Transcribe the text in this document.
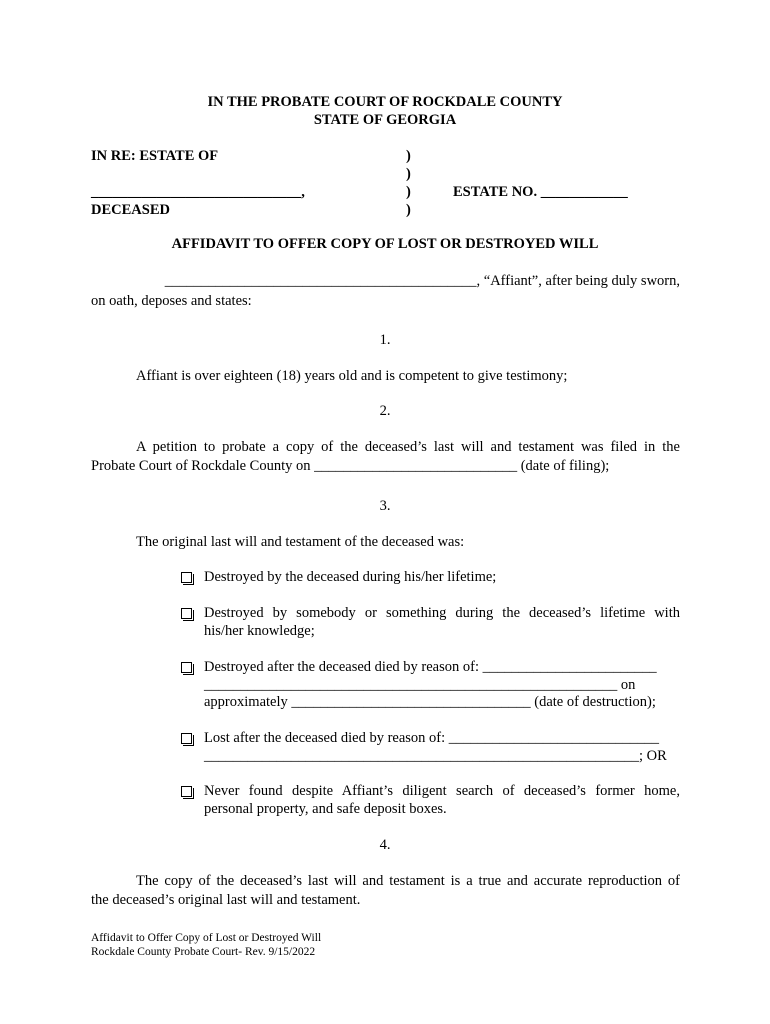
IN THE PROBATE COURT OF ROCKDALE COUNTY
STATE OF GEORGIA
IN RE: ESTATE OF
_____________________________,
DECEASED
)
)
)
)
ESTATE NO. ____________
AFFIDAVIT TO OFFER COPY OF LOST OR DESTROYED WILL
___________________________________________, “Affiant”, after being duly sworn,
on oath, deposes and states:
1.
Affiant is over eighteen (18) years old and is competent to give testimony;
2.
A petition to probate a copy of the deceased’s last will and testament was filed in the
Probate Court of Rockdale County on ____________________________ (date of filing);
3.
The original last will and testament of the deceased was:
Destroyed by the deceased during his/her lifetime;
Destroyed by somebody or something during the deceased’s lifetime with
his/her knowledge;
Destroyed after the deceased died by reason of: ________________________
_________________________________________________________ on
approximately _________________________________ (date of destruction);
Lost after the deceased died by reason of: _____________________________
____________________________________________________________; OR
Never found despite Affiant’s diligent search of deceased’s former home,
personal property, and safe deposit boxes.
4.
The copy of the deceased’s last will and testament is a true and accurate reproduction of
the deceased’s original last will and testament.
Affidavit to Offer Copy of Lost or Destroyed Will
Rockdale County Probate Court- Rev. 9/15/2022
